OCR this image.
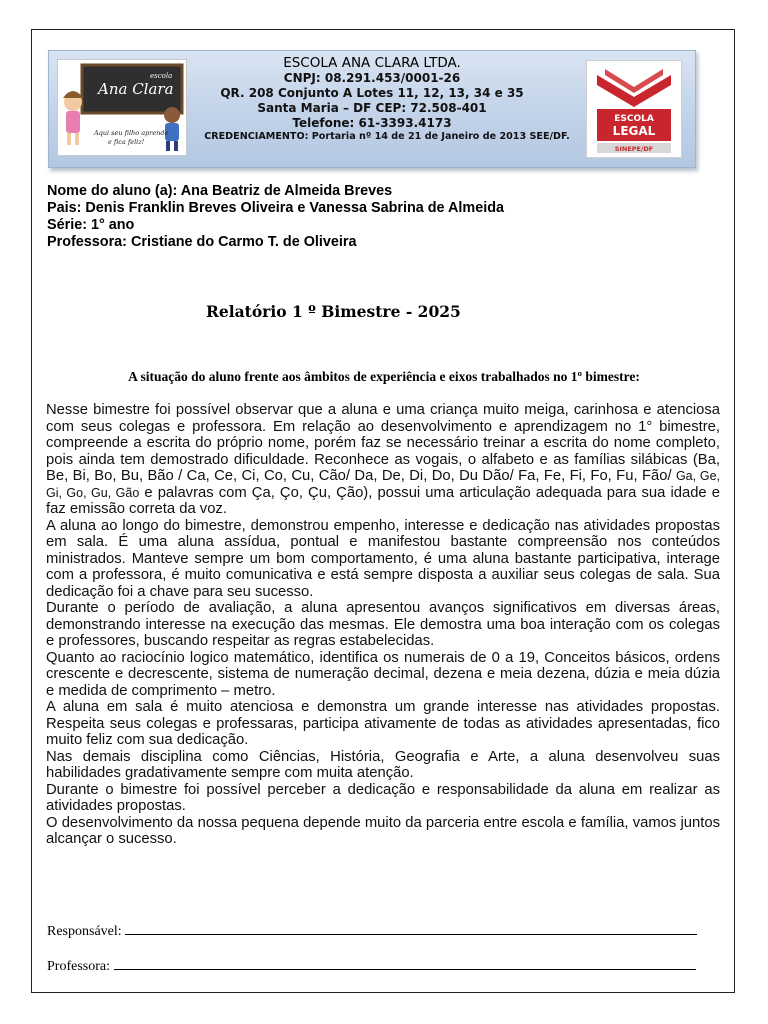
escola
Ana Clara
Aqui seu filho aprende
e fica feliz!
ESCOLA ANA CLARA LTDA.
CNPJ: 08.291.453/0001-26
QR. 208 Conjunto A Lotes 11, 12, 13, 34 e 35
Santa Maria – DF CEP: 72.508-401
Telefone: 61-3393.4173
CREDENCIAMENTO: Portaria nº 14 de 21 de Janeiro de 2013 SEE/DF.
ESCOLA
LEGAL
SINEPE/DF
Nome do aluno (a): Ana Beatriz de Almeida Breves
Pais: Denis Franklin Breves Oliveira e Vanessa Sabrina de Almeida
Série: 1° ano
Professora: Cristiane do Carmo T. de Oliveira
Relatório 1 º Bimestre - 2025
A situação do aluno frente aos âmbitos de experiência e eixos trabalhados no 1º bimestre:

Nesse bimestre foi possível observar que a aluna e uma criança muito meiga, carinhosa e atenciosa com seus colegas e professora. Em relação ao desenvolvimento e aprendizagem no 1° bimestre, compreende a escrita do próprio nome, porém faz se necessário treinar a escrita do nome completo, pois ainda tem demostrado dificuldade. Reconhece as vogais, o alfabeto e as famílias silábicas (Ba, Be, Bi, Bo, Bu, Bão / Ca, Ce, Ci, Co, Cu, Cão/ Da, De, Di, Do, Du Dão/ Fa, Fe, Fi, Fo, Fu, Fão/ Ga, Ge, Gi, Go, Gu, Gão e palavras com Ça, Ço, Çu, Ção), possui uma articulação adequada para sua idade e faz emissão correta da voz.

A aluna ao longo do bimestre, demonstrou empenho, interesse e dedicação nas atividades propostas em sala. É uma aluna assídua, pontual e manifestou bastante compreensão nos conteúdos ministrados. Manteve sempre um bom comportamento, é uma aluna bastante participativa, interage com a professora, é muito comunicativa e está sempre disposta a auxiliar seus colegas de sala. Sua dedicação foi a chave para seu sucesso.

Durante o período de avaliação, a aluna apresentou avanços significativos em diversas áreas, demonstrando interesse na execução das mesmas. Ele demostra uma boa interação com os colegas e professores, buscando respeitar as regras estabelecidas.

Quanto ao raciocínio logico matemático, identifica os numerais de 0 a 19, Conceitos básicos, ordens crescente e decrescente, sistema de numeração decimal, dezena e meia dezena, dúzia e meia dúzia e medida de comprimento – metro.

A aluna em sala é muito atenciosa e demonstra um grande interesse nas atividades propostas. Respeita seus colegas e professaras, participa ativamente de todas as atividades apresentadas, fico muito feliz com sua dedicação.

Nas demais disciplina como Ciências, História, Geografia e Arte, a aluna desenvolveu suas habilidades gradativamente sempre com muita atenção.

Durante o bimestre foi possível perceber a dedicação e responsabilidade da aluna em realizar as atividades propostas.

O desenvolvimento da nossa pequena depende muito da parceria entre escola e família, vamos juntos alcançar o sucesso.

Responsável:
Professora:
